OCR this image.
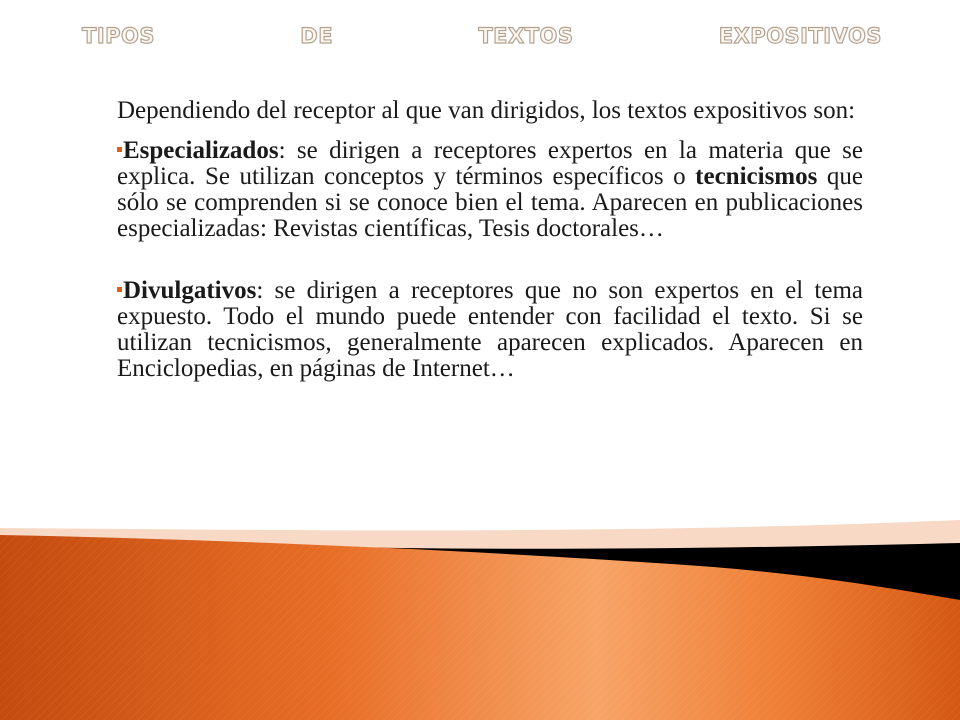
TIPOS	DE	TEXTOS	EXPOSITIVOS

Dependiendo del receptor al que van dirigidos, los textos expositivos son:

Especializados: se dirigen a receptores expertos en la materia que se explica. Se utilizan conceptos y términos específicos o tecnicismos que sólo se comprenden si se conoce bien el tema. Aparecen en publicaciones especializadas: Revistas científicas, Tesis doctorales…

Divulgativos: se dirigen a receptores que no son expertos en el tema expuesto. Todo el mundo puede entender con facilidad el texto. Si se utilizan tecnicismos, generalmente aparecen explicados. Aparecen en Enciclopedias, en páginas de Internet…
